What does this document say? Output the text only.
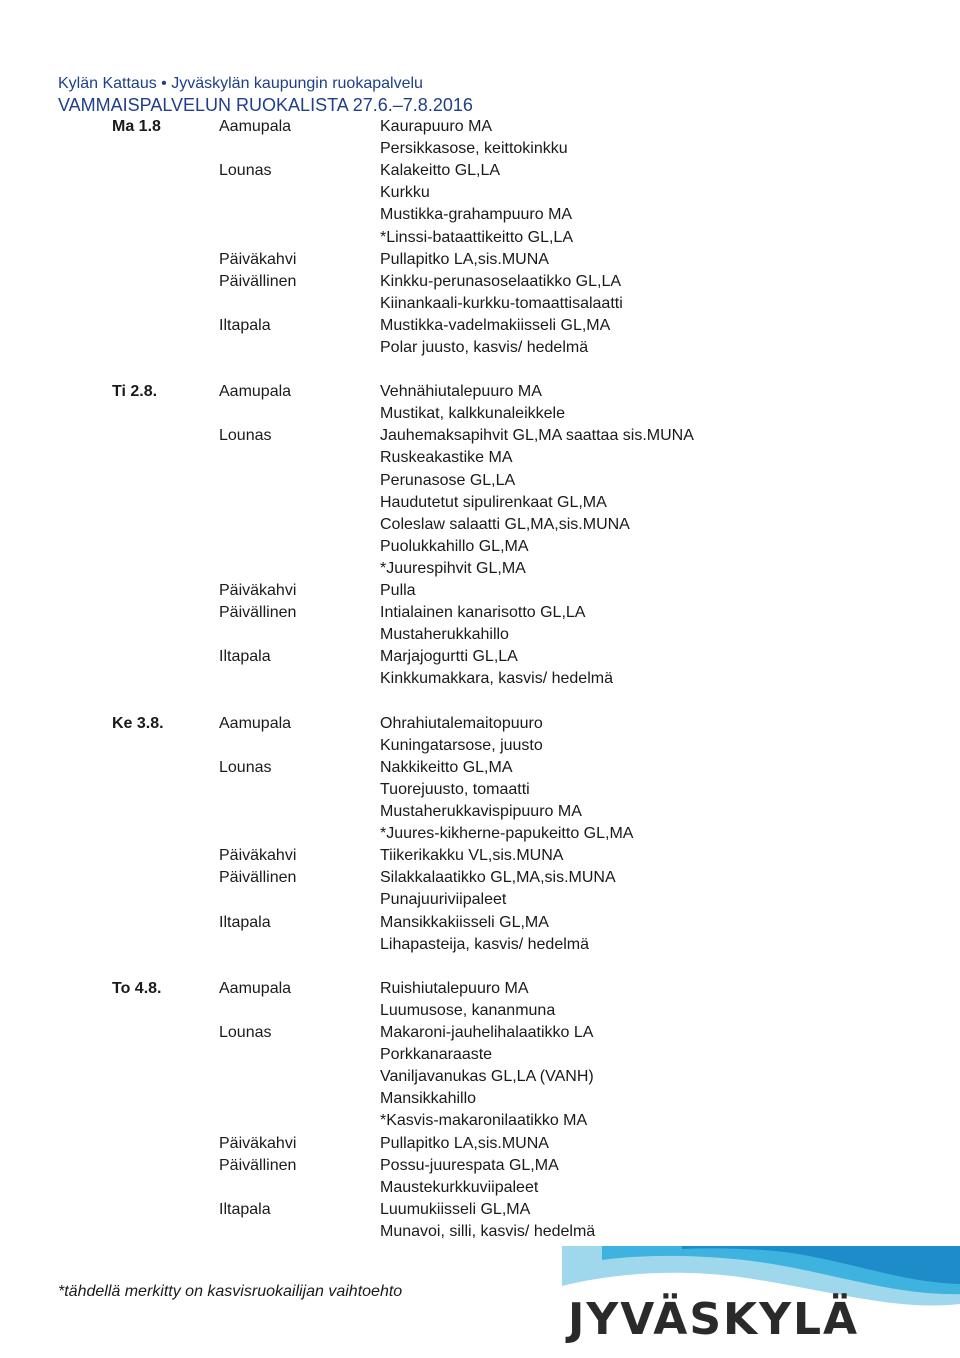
Kylän Kattaus • Jyväskylän kaupungin ruokapalvelu
VAMMAISPALVELUN RUOKALISTA 27.6.–7.8.2016
Ma 1.8	Aamupala	Kaurapuuro MA
Persikkasose, keittokinkku
Lounas	Kalakeitto GL,LA
Kurkku
Mustikka-grahampuuro MA
*Linssi-bataattikeitto GL,LA
Päiväkahvi	Pullapitko LA,sis.MUNA
Päivällinen	Kinkku-perunasoselaatikko GL,LA
Kiinankaali-kurkku-tomaattisalaatti
Iltapala	Mustikka-vadelmakiisseli GL,MA
Polar juusto, kasvis/ hedelmä
Ti 2.8.	Aamupala	Vehnähiutalepuuro MA
Mustikat, kalkkunaleikkele
Lounas	Jauhemaksapihvit GL,MA saattaa sis.MUNA
Ruskeakastike MA
Perunasose GL,LA
Haudutetut sipulirenkaat GL,MA
Coleslaw salaatti GL,MA,sis.MUNA
Puolukkahillo GL,MA
*Juurespihvit GL,MA
Päiväkahvi	Pulla
Päivällinen	Intialainen kanarisotto GL,LA
Mustaherukkahillo
Iltapala	Marjajogurtti GL,LA
Kinkkumakkara, kasvis/ hedelmä
Ke 3.8.	Aamupala	Ohrahiutalemaitopuuro
Kuningatarsose, juusto
Lounas	Nakkikeitto GL,MA
Tuorejuusto, tomaatti
Mustaherukkavispipuuro MA
*Juures-kikherne-papukeitto GL,MA
Päiväkahvi	Tiikerikakku VL,sis.MUNA
Päivällinen	Silakkalaatikko GL,MA,sis.MUNA
Punajuuriviipaleet
Iltapala	Mansikkakiisseli GL,MA
Lihapasteija, kasvis/ hedelmä
To 4.8.	Aamupala	Ruishiutalepuuro MA
Luumusose, kananmuna
Lounas	Makaroni-jauhelihalaatikko LA
Porkkanaraaste
Vaniljavanukas GL,LA (VANH)
Mansikkahillo
*Kasvis-makaronilaatikko MA
Päiväkahvi	Pullapitko LA,sis.MUNA
Päivällinen	Possu-juurespata GL,MA
Maustekurkkuviipaleet
Iltapala	Luumukiisseli GL,MA
Munavoi, silli, kasvis/ hedelmä
*tähdellä merkitty on kasvisruokailijan vaihtoehto
JYVÄSKYLÄ
